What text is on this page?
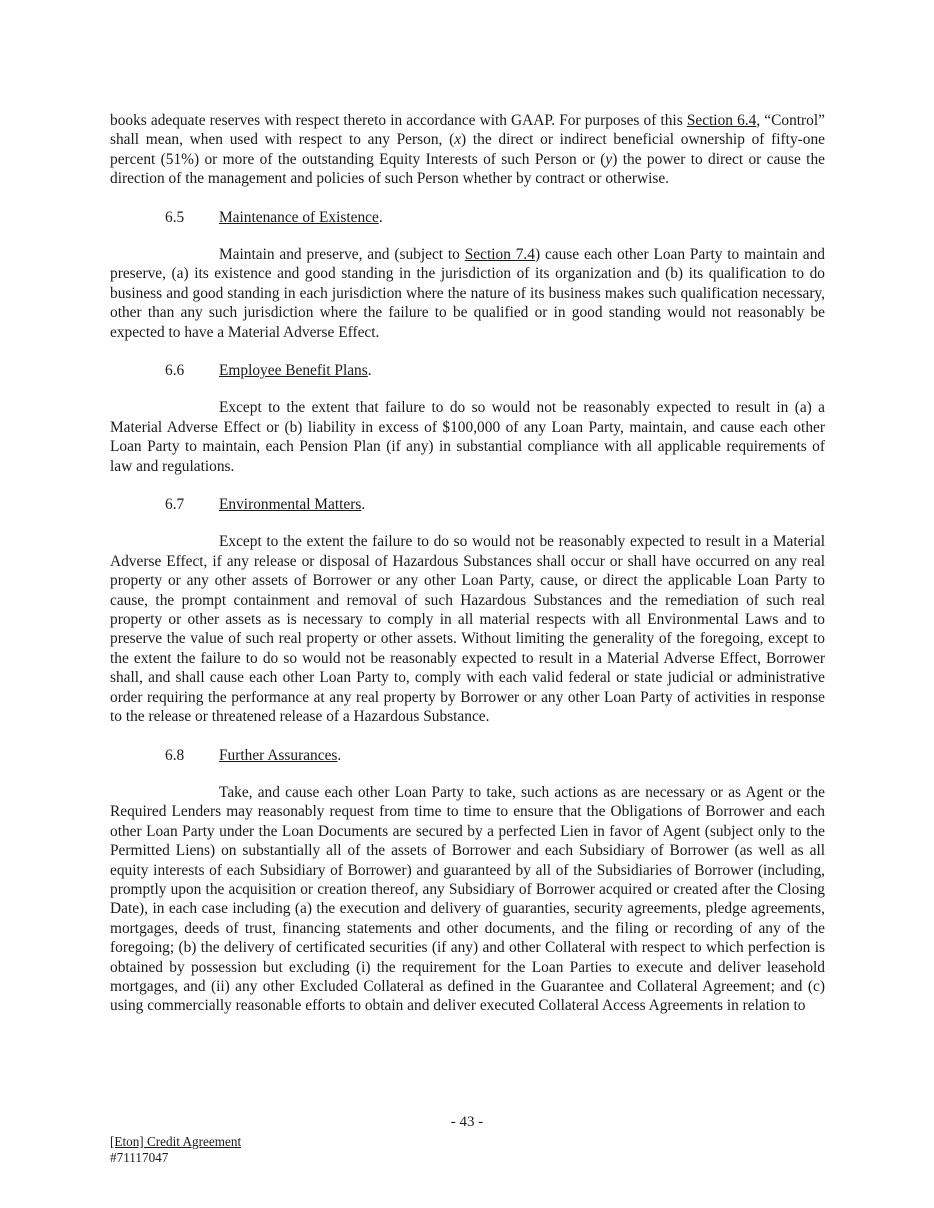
books adequate reserves with respect thereto in accordance with GAAP. For purposes of this Section 6.4, “Control” shall mean, when used with respect to any Person, (x) the direct or indirect beneficial ownership of fifty-one percent (51%) or more of the outstanding Equity Interests of such Person or (y) the power to direct or cause the direction of the management and policies of such Person whether by contract or otherwise.

6.5 Maintenance of Existence.

Maintain and preserve, and (subject to Section 7.4) cause each other Loan Party to maintain and preserve, (a) its existence and good standing in the jurisdiction of its organization and (b) its qualification to do business and good standing in each jurisdiction where the nature of its business makes such qualification necessary, other than any such jurisdiction where the failure to be qualified or in good standing would not reasonably be expected to have a Material Adverse Effect.

6.6 Employee Benefit Plans.

Except to the extent that failure to do so would not be reasonably expected to result in (a) a Material Adverse Effect or (b) liability in excess of $100,000 of any Loan Party, maintain, and cause each other Loan Party to maintain, each Pension Plan (if any) in substantial compliance with all applicable requirements of law and regulations.

6.7 Environmental Matters.

Except to the extent the failure to do so would not be reasonably expected to result in a Material Adverse Effect, if any release or disposal of Hazardous Substances shall occur or shall have occurred on any real property or any other assets of Borrower or any other Loan Party, cause, or direct the applicable Loan Party to cause, the prompt containment and removal of such Hazardous Substances and the remediation of such real property or other assets as is necessary to comply in all material respects with all Environmental Laws and to preserve the value of such real property or other assets. Without limiting the generality of the foregoing, except to the extent the failure to do so would not be reasonably expected to result in a Material Adverse Effect, Borrower shall, and shall cause each other Loan Party to, comply with each valid federal or state judicial or administrative order requiring the performance at any real property by Borrower or any other Loan Party of activities in response to the release or threatened release of a Hazardous Substance.

6.8 Further Assurances.

Take, and cause each other Loan Party to take, such actions as are necessary or as Agent or the Required Lenders may reasonably request from time to time to ensure that the Obligations of Borrower and each other Loan Party under the Loan Documents are secured by a perfected Lien in favor of Agent (subject only to the Permitted Liens) on substantially all of the assets of Borrower and each Subsidiary of Borrower (as well as all equity interests of each Subsidiary of Borrower) and guaranteed by all of the Subsidiaries of Borrower (including, promptly upon the acquisition or creation thereof, any Subsidiary of Borrower acquired or created after the Closing Date), in each case including (a) the execution and delivery of guaranties, security agreements, pledge agreements, mortgages, deeds of trust, financing statements and other documents, and the filing or recording of any of the foregoing; (b) the delivery of certificated securities (if any) and other Collateral with respect to which perfection is obtained by possession but excluding (i) the requirement for the Loan Parties to execute and deliver leasehold mortgages, and (ii) any other Excluded Collateral as defined in the Guarantee and Collateral Agreement; and (c) using commercially reasonable efforts to obtain and deliver executed Collateral Access Agreements in relation to

- 43 -
[Eton] Credit Agreement
#71117047
